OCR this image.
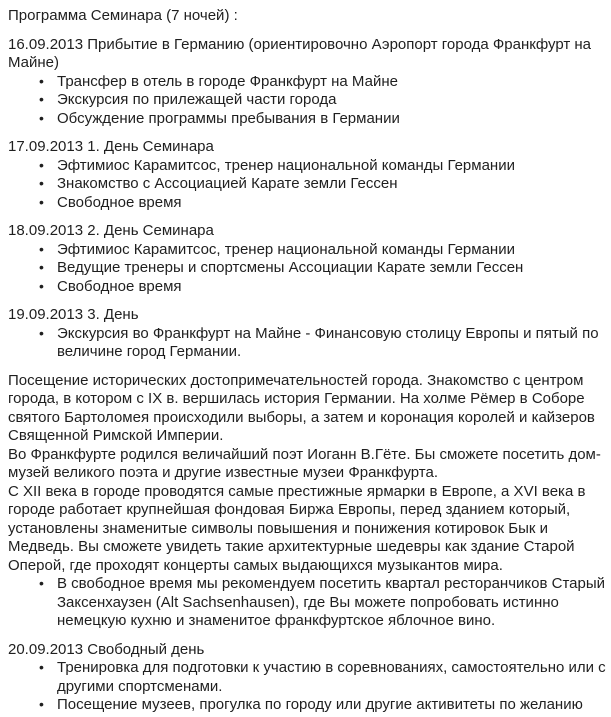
Программа Семинара (7 ночей) :
16.09.2013 Прибытие в Германию (ориентировочно Аэропорт города Франкфурт на Майне)
• Трансфер в отель в городе Франкфурт на Майне
• Экскурсия по прилежащей части города
• Обсуждение программы пребывания в Германии
17.09.2013 1. День Семинара
• Эфтимиос Карамитсос, тренер национальной команды Германии
• Знакомство с Ассоциацией Карате земли Гессен
• Свободное время
18.09.2013 2. День Семинара
• Эфтимиос Карамитсос, тренер национальной команды Германии
• Ведущие тренеры и спортсмены Ассоциации Карате земли Гессен
• Свободное время
19.09.2013 3. День
• Экскурсия во Франкфурт на Майне - Финансовую столицу Европы и пятый по величине город Германии.
Посещение исторических достопримечательностей города. Знакомство с центром города, в котором с IX в. вершилась история Германии. На холме Рёмер в Соборе святого Бартоломея происходили выборы, а затем и коронация королей и кайзеров Священной Римской Империи.
Во Франкфурте родился величайший поэт Иоганн В.Гёте. Бы сможете посетить дом-музей великого поэта и другие известные музеи Франкфурта.
С XII века в городе проводятся самые престижные ярмарки в Европе, а XVI века в городе работает крупнейшая фондовая Биржа Европы, перед зданием который, установлены знаменитые символы повышения и понижения котировок Бык и Медведь. Вы сможете увидеть такие архитектурные шедевры как здание Старой Оперой, где проходят концерты самых выдающихся музыкантов мира.
• В свободное время мы рекомендуем посетить квартал ресторанчиков Старый Заксенхаузен (Alt Sachsenhausen), где Вы можете попробовать истинно немецкую кухню и знаменитое франкфуртское яблочное вино.
20.09.2013 Свободный день
• Тренировка для подготовки к участию в соревнованиях, самостоятельно или с другими спортсменами.
• Посещение музеев, прогулка по городу или другие активитеты по желанию
